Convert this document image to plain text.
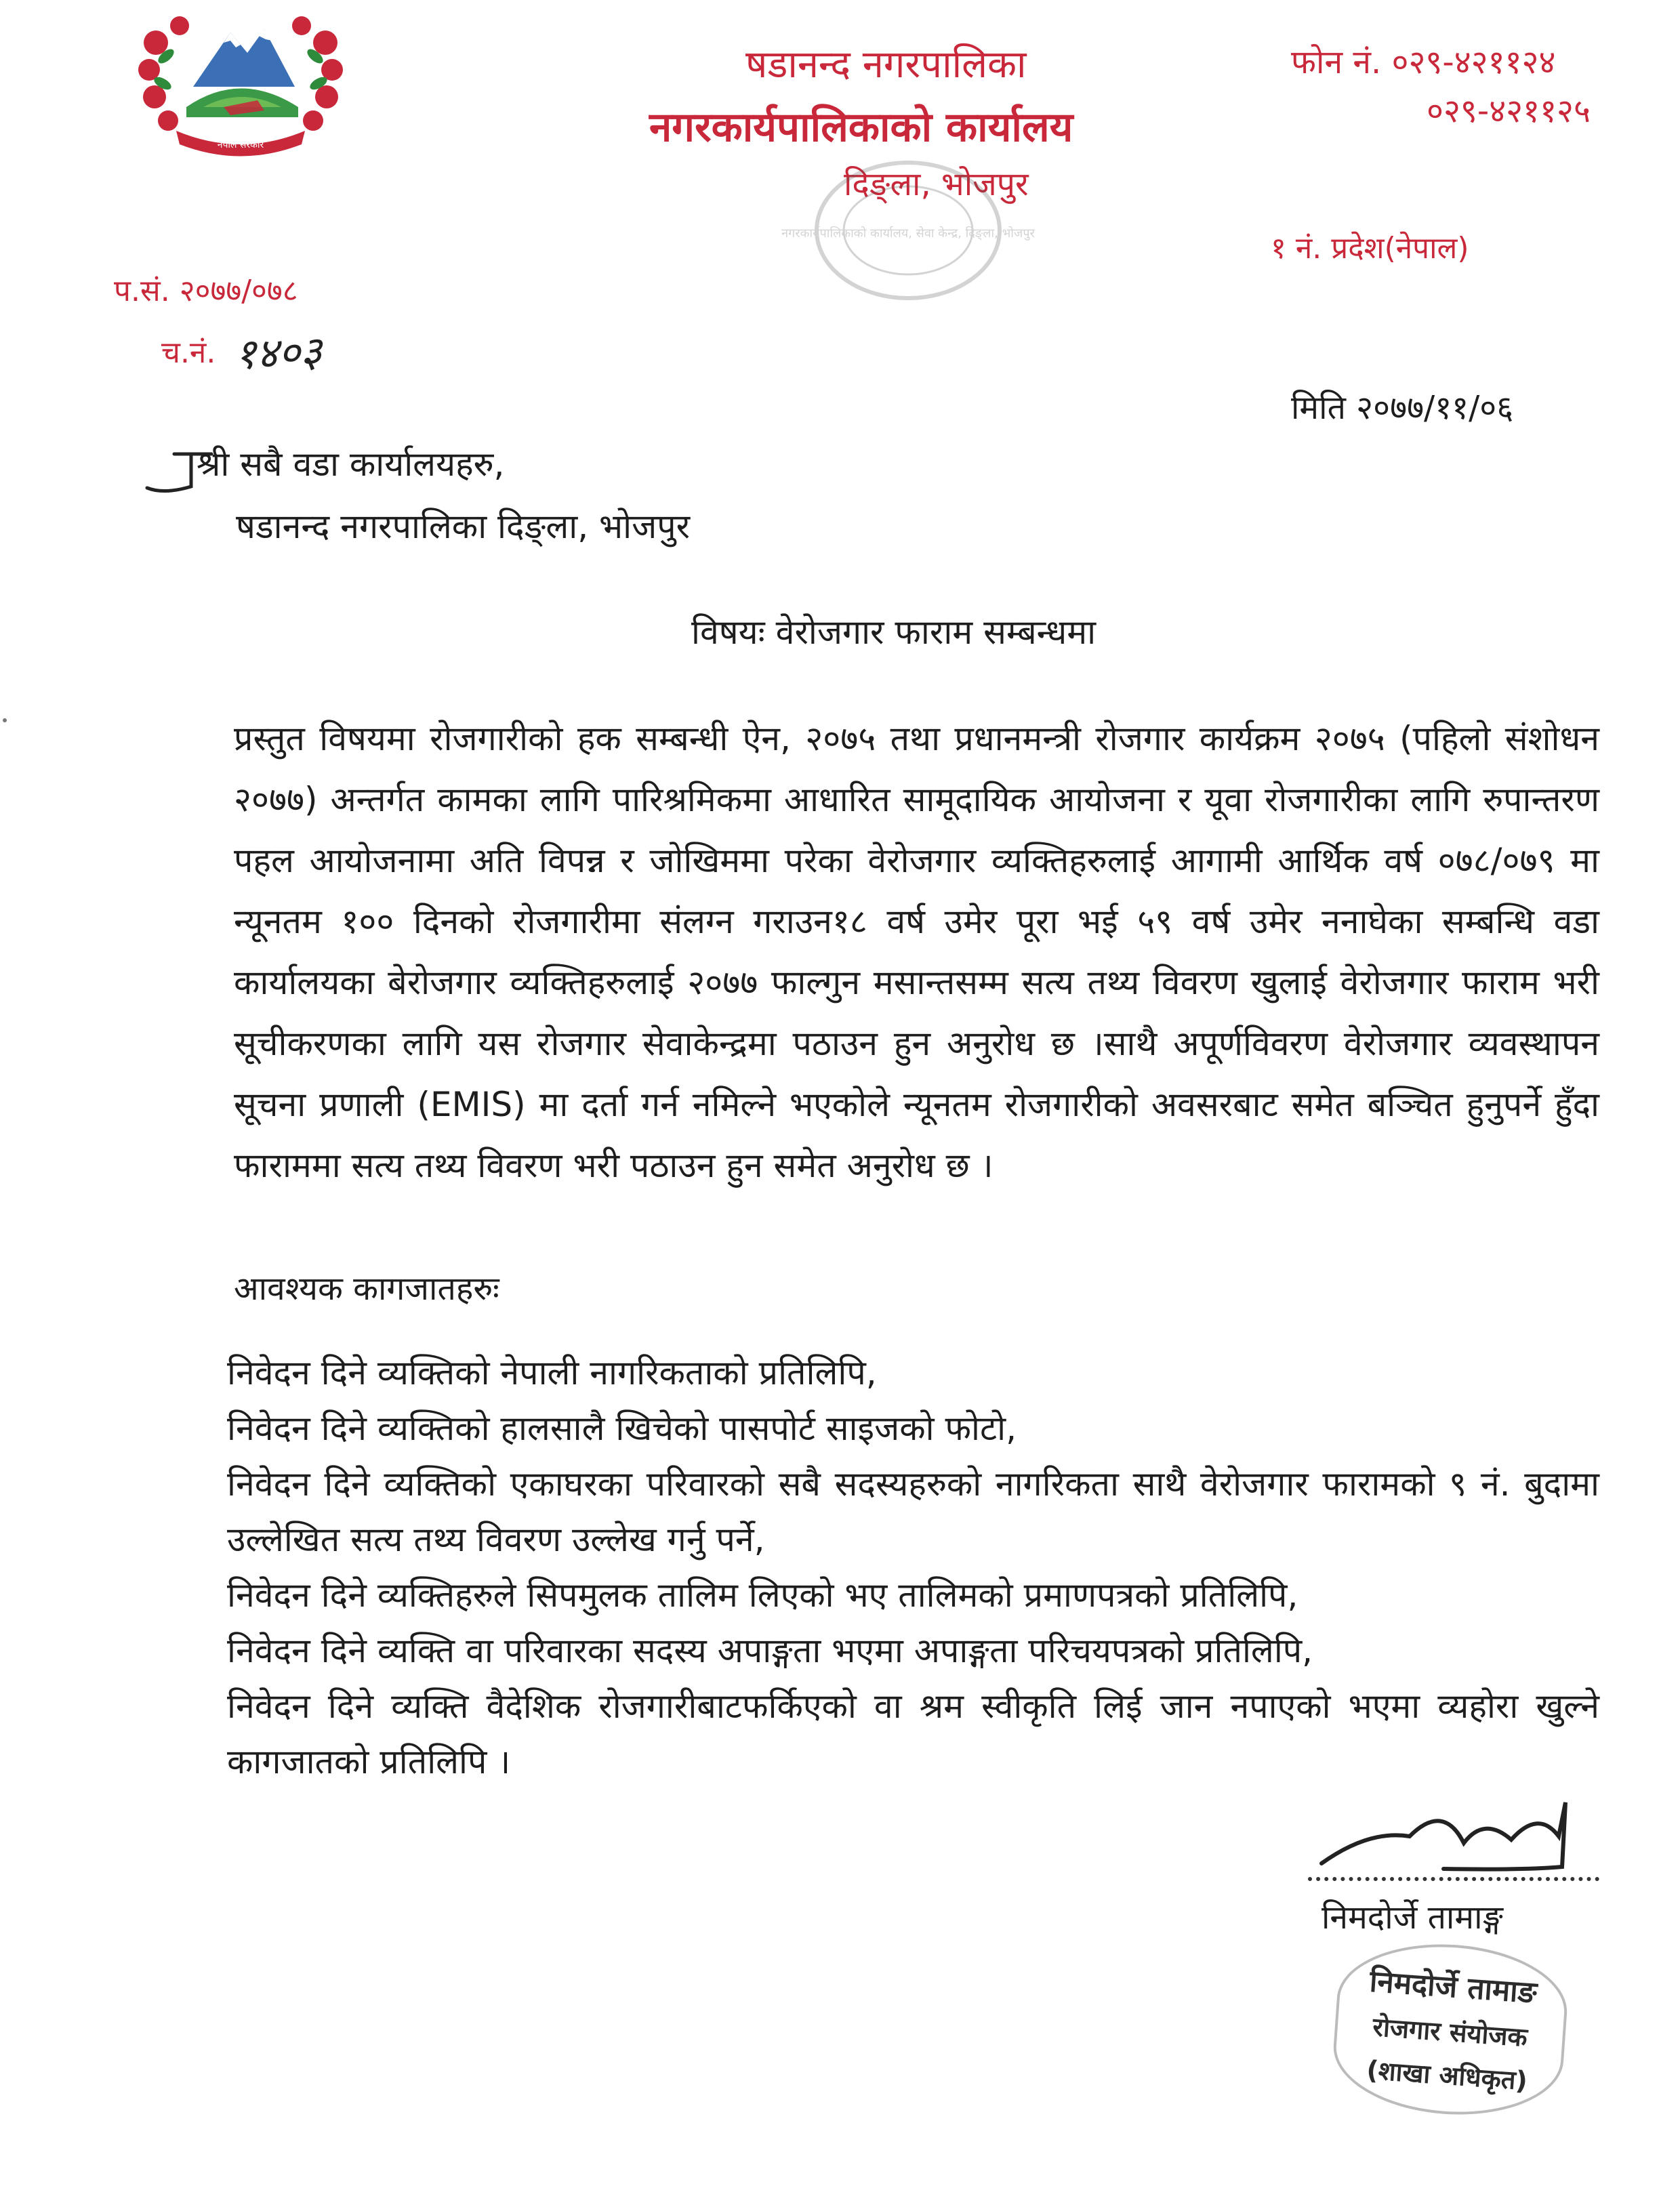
नेपाल सरकार
षडानन्द नगरपालिका
नगरकार्यपालिकाको कार्यालय
दिङ्ला, भोजपुर
फोन नं. ०२९-४२११२४
०२९-४२११२५
१ नं. प्रदेश(नेपाल)
नगरकार्यपालिकाको कार्यालय, सेवा केन्द्र, दिङ्ला, भोजपुर
प.सं. २०७७/०७८
च.नं. १४०३
मिति २०७७/११/०६
श्री सबै वडा कार्यालयहरु,
षडानन्द नगरपालिका दिङ्ला, भोजपुर
विषयः वेरोजगार फाराम सम्बन्धमा

प्रस्तुत विषयमा रोजगारीको हक सम्बन्धी ऐन, २०७५ तथा प्रधानमन्त्री रोजगार कार्यक्रम २०७५ (पहिलो संशोधन २०७७) अन्तर्गत कामका लागि पारिश्रमिकमा आधारित सामूदायिक आयोजना र यूवा रोजगारीका लागि रुपान्तरण पहल आयोजनामा अति विपन्न र जोखिममा परेका वेरोजगार व्यक्तिहरुलाई आगामी आर्थिक वर्ष ०७८/०७९ मा न्यूनतम १०० दिनको रोजगारीमा संलग्न गराउन१८ वर्ष उमेर पूरा भई ५९ वर्ष उमेर ननाघेका सम्बन्धि वडा कार्यालयका बेरोजगार व्यक्तिहरुलाई २०७७ फाल्गुन मसान्तसम्म सत्य तथ्य विवरण खुलाई वेरोजगार फाराम भरी सूचीकरणका लागि यस रोजगार सेवाकेन्द्रमा पठाउन हुन अनुरोध छ ।साथै अपूर्णविवरण वेरोजगार व्यवस्थापन सूचना प्रणाली (EMIS) मा दर्ता गर्न नमिल्ने भएकोले न्यूनतम रोजगारीको अवसरबाट समेत बञ्चित हुनुपर्ने हुँदा फाराममा सत्य तथ्य विवरण भरी पठाउन हुन समेत अनुरोध छ ।

आवश्यक कागजातहरुः
निवेदन दिने व्यक्तिको नेपाली नागरिकताको प्रतिलिपि,
निवेदन दिने व्यक्तिको हालसालै खिचेको पासपोर्ट साइजको फोटो,
निवेदन दिने व्यक्तिको एकाघरका परिवारको सबै सदस्यहरुको नागरिकता साथै वेरोजगार फारामको ९ नं. बुदामा उल्लेखित सत्य तथ्य विवरण उल्लेख गर्नु पर्ने,
निवेदन दिने व्यक्तिहरुले सिपमुलक तालिम लिएको भए तालिमको प्रमाणपत्रको प्रतिलिपि,
निवेदन दिने व्यक्ति वा परिवारका सदस्य अपाङ्गता भएमा अपाङ्गता परिचयपत्रको प्रतिलिपि,
निवेदन दिने व्यक्ति वैदेशिक रोजगारीबाटफर्किएको वा श्रम स्वीकृति लिई जान नपाएको भएमा व्यहोरा खुल्ने कागजातको प्रतिलिपि ।
निमदोर्जे तामाङ्ग
निमदोर्जे तामाङ
रोजगार संयोजक
(शाखा अधिकृत)
